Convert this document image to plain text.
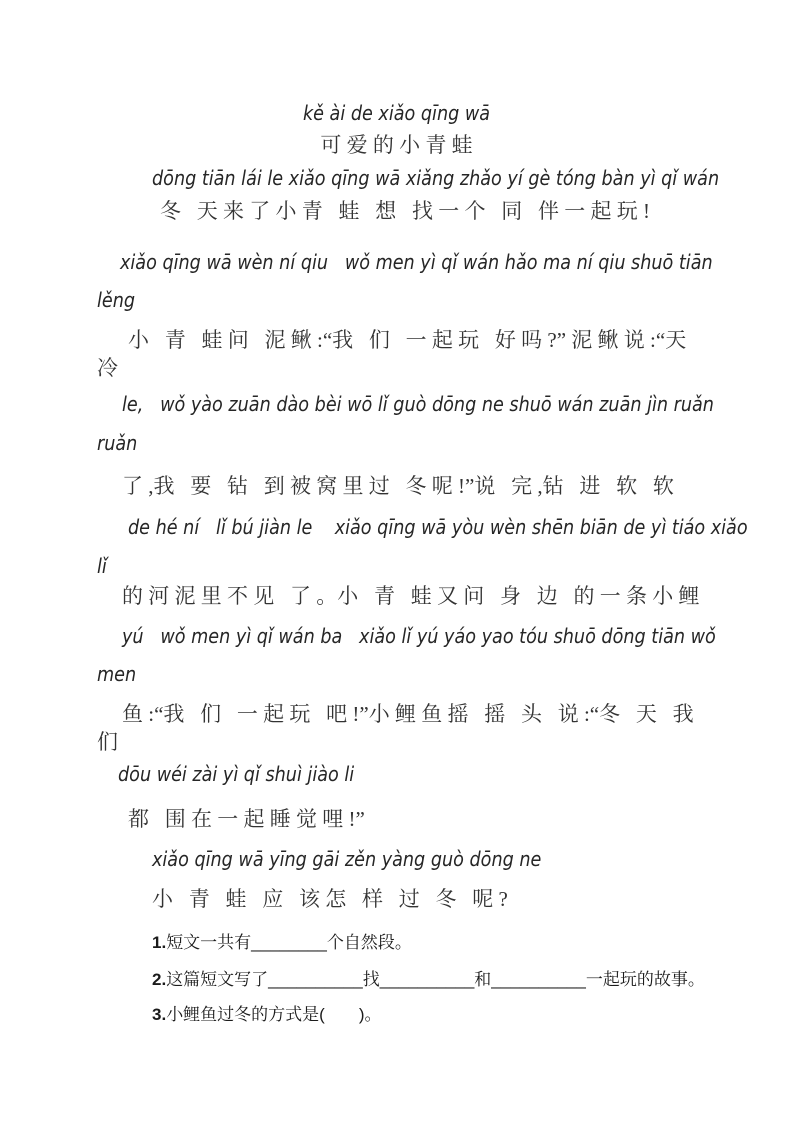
kě ài de xiǎo qīng wā
可 爱 的 小 青 蛙
dōng tiān lái le xiǎo qīng wā xiǎng zhǎo yí gè tóng bàn yì qǐ wán
冬   天 来 了 小 青   蛙   想   找 一 个   同   伴 一 起 玩 !
xiǎo qīng wā wèn ní qiu   wǒ men yì qǐ wán hǎo ma ní qiu shuō tiān
lěng
小   青   蛙 问   泥 鳅 :“我   们   一 起 玩   好 吗 ?” 泥 鳅 说 :“天
冷
le,   wǒ yào zuān dào bèi wō lǐ guò dōng ne shuō wán zuān jìn ruǎn
ruǎn
了 ,我   要   钻   到 被 窝 里 过   冬 呢 !”说   完 ,钻   进   软   软
de hé ní   lǐ bú jiàn le    xiǎo qīng wā yòu wèn shēn biān de yì tiáo xiǎo
lǐ
的 河 泥 里 不 见   了 。小   青   蛙 又 问   身   边   的 一 条 小 鲤
yú   wǒ men yì qǐ wán ba   xiǎo lǐ yú yáo yao tóu shuō dōng tiān wǒ
men
鱼 :“我   们   一 起 玩   吧 !”小 鲤 鱼 摇   摇   头   说 :“冬   天   我
们
dōu wéi zài yì qǐ shuì jiào li
都   围 在 一 起 睡 觉 哩 !”
xiǎo qīng wā yīng gāi zěn yàng guò dōng ne
小   青   蛙   应   该 怎   样   过   冬   呢 ?
1.短文一共有________个自然段。
2.这篇短文写了__________找__________和__________一起玩的故事。
3.小鲤鱼过冬的方式是(　　)。
